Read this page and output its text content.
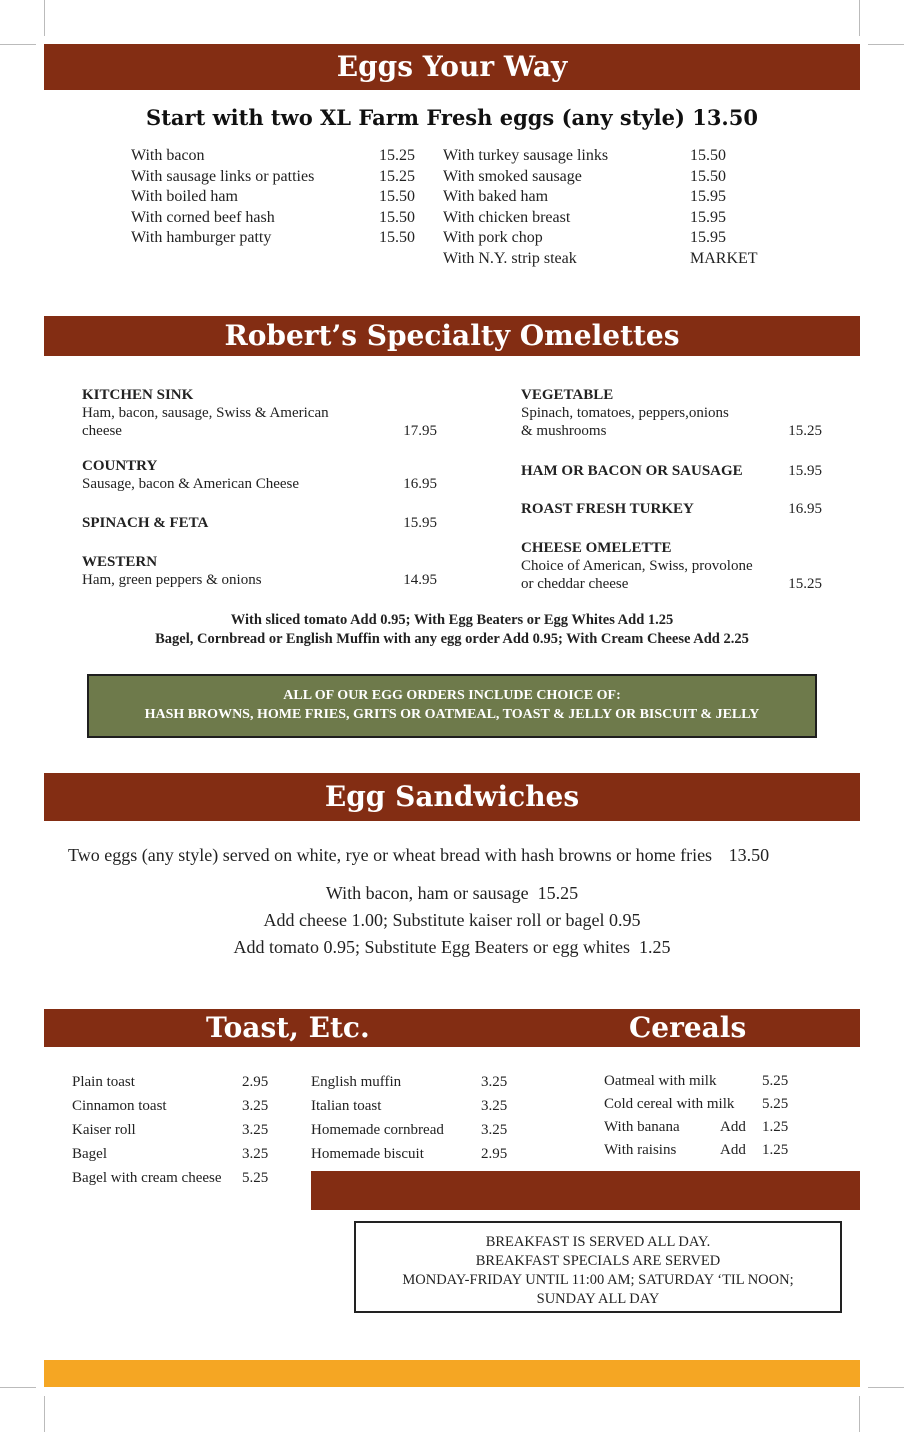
Eggs Your Way
Start with two XL Farm Fresh eggs (any style) 13.50
With bacon	15.25
With sausage links or patties	15.25
With boiled ham	15.50
With corned beef hash	15.50
With hamburger patty	15.50
With turkey sausage links	15.50
With smoked sausage	15.50
With baked ham	15.95
With chicken breast	15.95
With pork chop	15.95
With N.Y. strip steak	MARKET
Robert’s Specialty Omelettes
KITCHEN SINK
Ham, bacon, sausage, Swiss & American
cheese	17.95
COUNTRY
Sausage, bacon & American Cheese	16.95
SPINACH & FETA	15.95
WESTERN
Ham, green peppers & onions	14.95
VEGETABLE
Spinach, tomatoes, peppers,onions
& mushrooms	15.25
HAM OR BACON OR SAUSAGE	15.95
ROAST FRESH TURKEY	16.95
CHEESE OMELETTE
Choice of American, Swiss, provolone
or cheddar cheese	15.25
With sliced tomato Add 0.95; With Egg Beaters or Egg Whites Add 1.25
Bagel, Cornbread or English Muffin with any egg order Add 0.95; With Cream Cheese Add 2.25
ALL OF OUR EGG ORDERS INCLUDE CHOICE OF:
HASH BROWNS, HOME FRIES, GRITS OR OATMEAL, TOAST & JELLY OR BISCUIT & JELLY
Egg Sandwiches
Two eggs (any style) served on white, rye or wheat bread with hash browns or home fries 13.50
With bacon, ham or sausage  15.25
Add cheese 1.00; Substitute kaiser roll or bagel 0.95
Add tomato 0.95; Substitute Egg Beaters or egg whites  1.25
Toast, Etc.	Cereals
Plain toast	2.95
Cinnamon toast	3.25
Kaiser roll	3.25
Bagel	3.25
Bagel with cream cheese	5.25
English muffin	3.25
Italian toast	3.25
Homemade cornbread	3.25
Homemade biscuit	2.95
Oatmeal with milk	5.25
Cold cereal with milk 5.25
With banana	Add	1.25
With raisins	Add	1.25
BREAKFAST IS SERVED ALL DAY.
BREAKFAST SPECIALS ARE SERVED
MONDAY-FRIDAY UNTIL 11:00 AM; SATURDAY ‘TIL NOON;
SUNDAY ALL DAY
